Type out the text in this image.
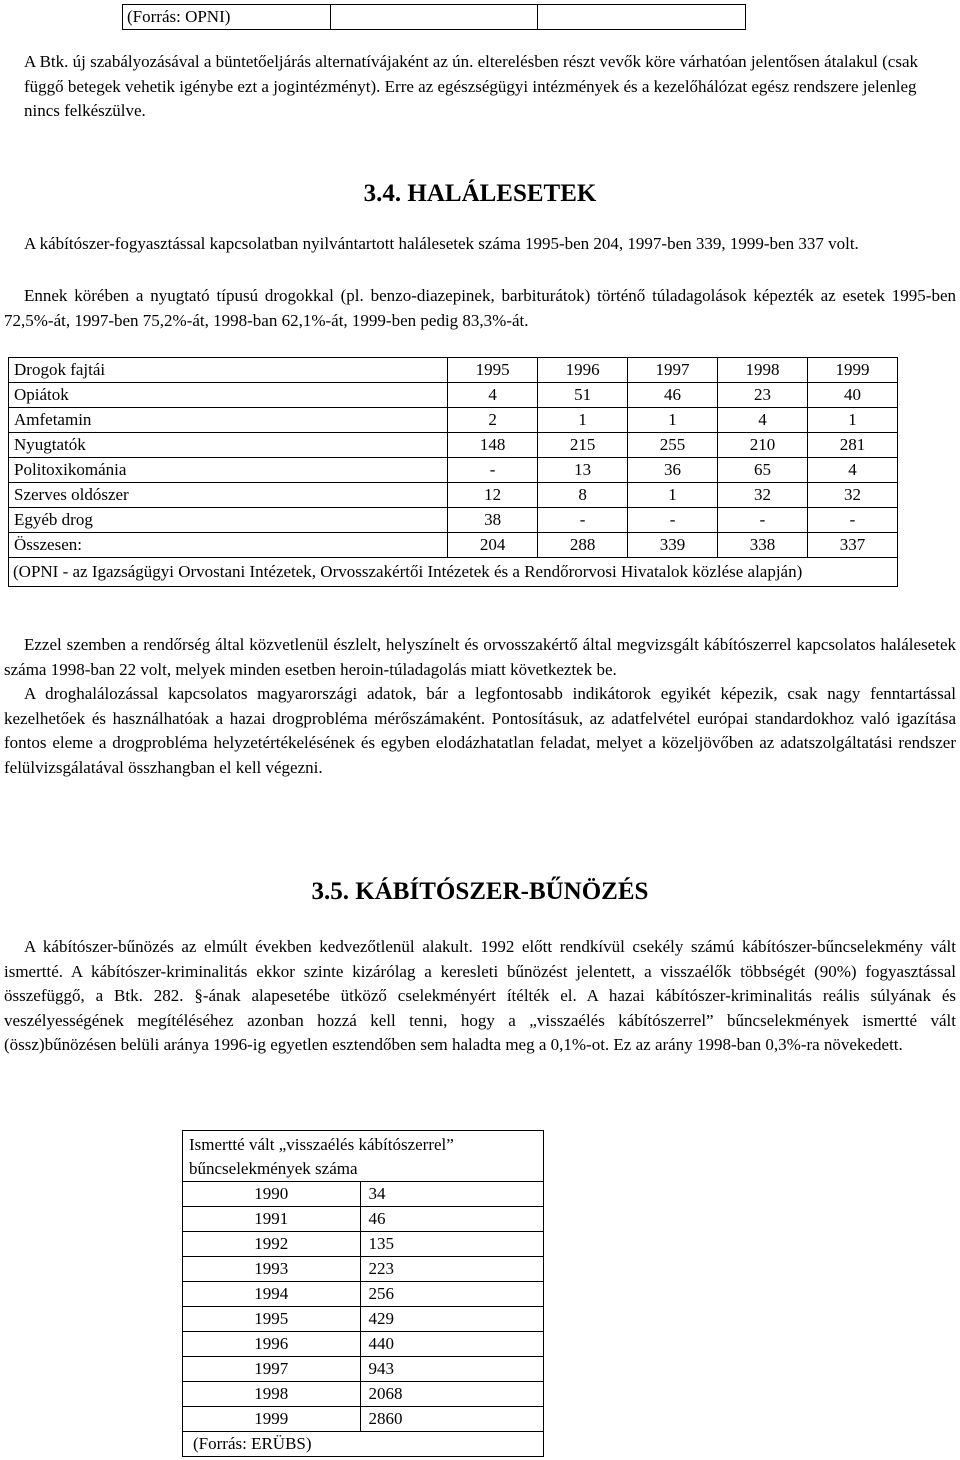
(Forrás: OPNI)		

A Btk. új szabályozásával a büntetőeljárás alternatívájaként az ún. elterelésben részt vevők köre várhatóan jelentősen átalakul (csak függő betegek vehetik igénybe ezt a jogintézményt). Erre az egészségügyi intézmények és a kezelőhálózat egész rendszere jelenleg nincs felkészülve.

3.4. HALÁLESETEK

A kábítószer-fogyasztással kapcsolatban nyilvántartott halálesetek száma 1995-ben 204, 1997-ben 339, 1999-ben 337 volt.

Ennek körében a nyugtató típusú drogokkal (pl. benzo-diazepinek, barbiturátok) történő túladagolások képezték az esetek 1995-ben 72,5%-át, 1997-ben 75,2%-át, 1998-ban 62,1%-át, 1999-ben pedig 83,3%-át.

Drogok fajtái	1995	1996	1997	1998	1999
Opiátok	4	51	46	23	40
Amfetamin	2	1	1	4	1
Nyugtatók	148	215	255	210	281
Politoxikománia	-	13	36	65	4
Szerves oldószer	12	8	1	32	32
Egyéb drog	38	-	-	-	-
Összesen:	204	288	339	338	337
(OPNI - az Igazságügyi Orvostani Intézetek, Orvosszakértői Intézetek és a Rendőrorvosi Hivatalok közlése alapján)					

Ezzel szemben a rendőrség által közvetlenül észlelt, helyszínelt és orvosszakértő által megvizsgált kábítószerrel kapcsolatos halálesetek száma 1998-ban 22 volt, melyek minden esetben heroin-túladagolás miatt következtek be.

A droghalálozással kapcsolatos magyarországi adatok, bár a legfontosabb indikátorok egyikét képezik, csak nagy fenntartással kezelhetőek és használhatóak a hazai drogprobléma mérőszámaként. Pontosításuk, az adatfelvétel európai standardokhoz való igazítása fontos eleme a drogprobléma helyzetértékelésének és egyben elodázhatatlan feladat, melyet a közeljövőben az adatszolgáltatási rendszer felülvizsgálatával összhangban el kell végezni.

3.5. KÁBÍTÓSZER-BŰNÖZÉS

A kábítószer-bűnözés az elmúlt években kedvezőtlenül alakult. 1992 előtt rendkívül csekély számú kábítószer-bűncselekmény vált ismertté. A kábítószer-kriminalitás ekkor szinte kizárólag a keresleti bűnözést jelentett, a visszaélők többségét (90%) fogyasztással összefüggő, a Btk. 282. §-ának alapesetébe ütköző cselekményért ítélték el. A hazai kábítószer-kriminalitás reális súlyának és veszélyességének megítéléséhez azonban hozzá kell tenni, hogy a „visszaélés kábítószerrel” bűncselekmények ismertté vált (össz)bűnözésen belüli aránya 1996-ig egyetlen esztendőben sem haladta meg a 0,1%-ot. Ez az arány 1998-ban 0,3%-ra növekedett.

Ismertté vált „visszaélés kábítószerrel” bűncselekmények száma	
1990	34
1991	46
1992	135
1993	223
1994	256
1995	429
1996	440
1997	943
1998	2068
1999	2860
(Forrás: ERÜBS)	
